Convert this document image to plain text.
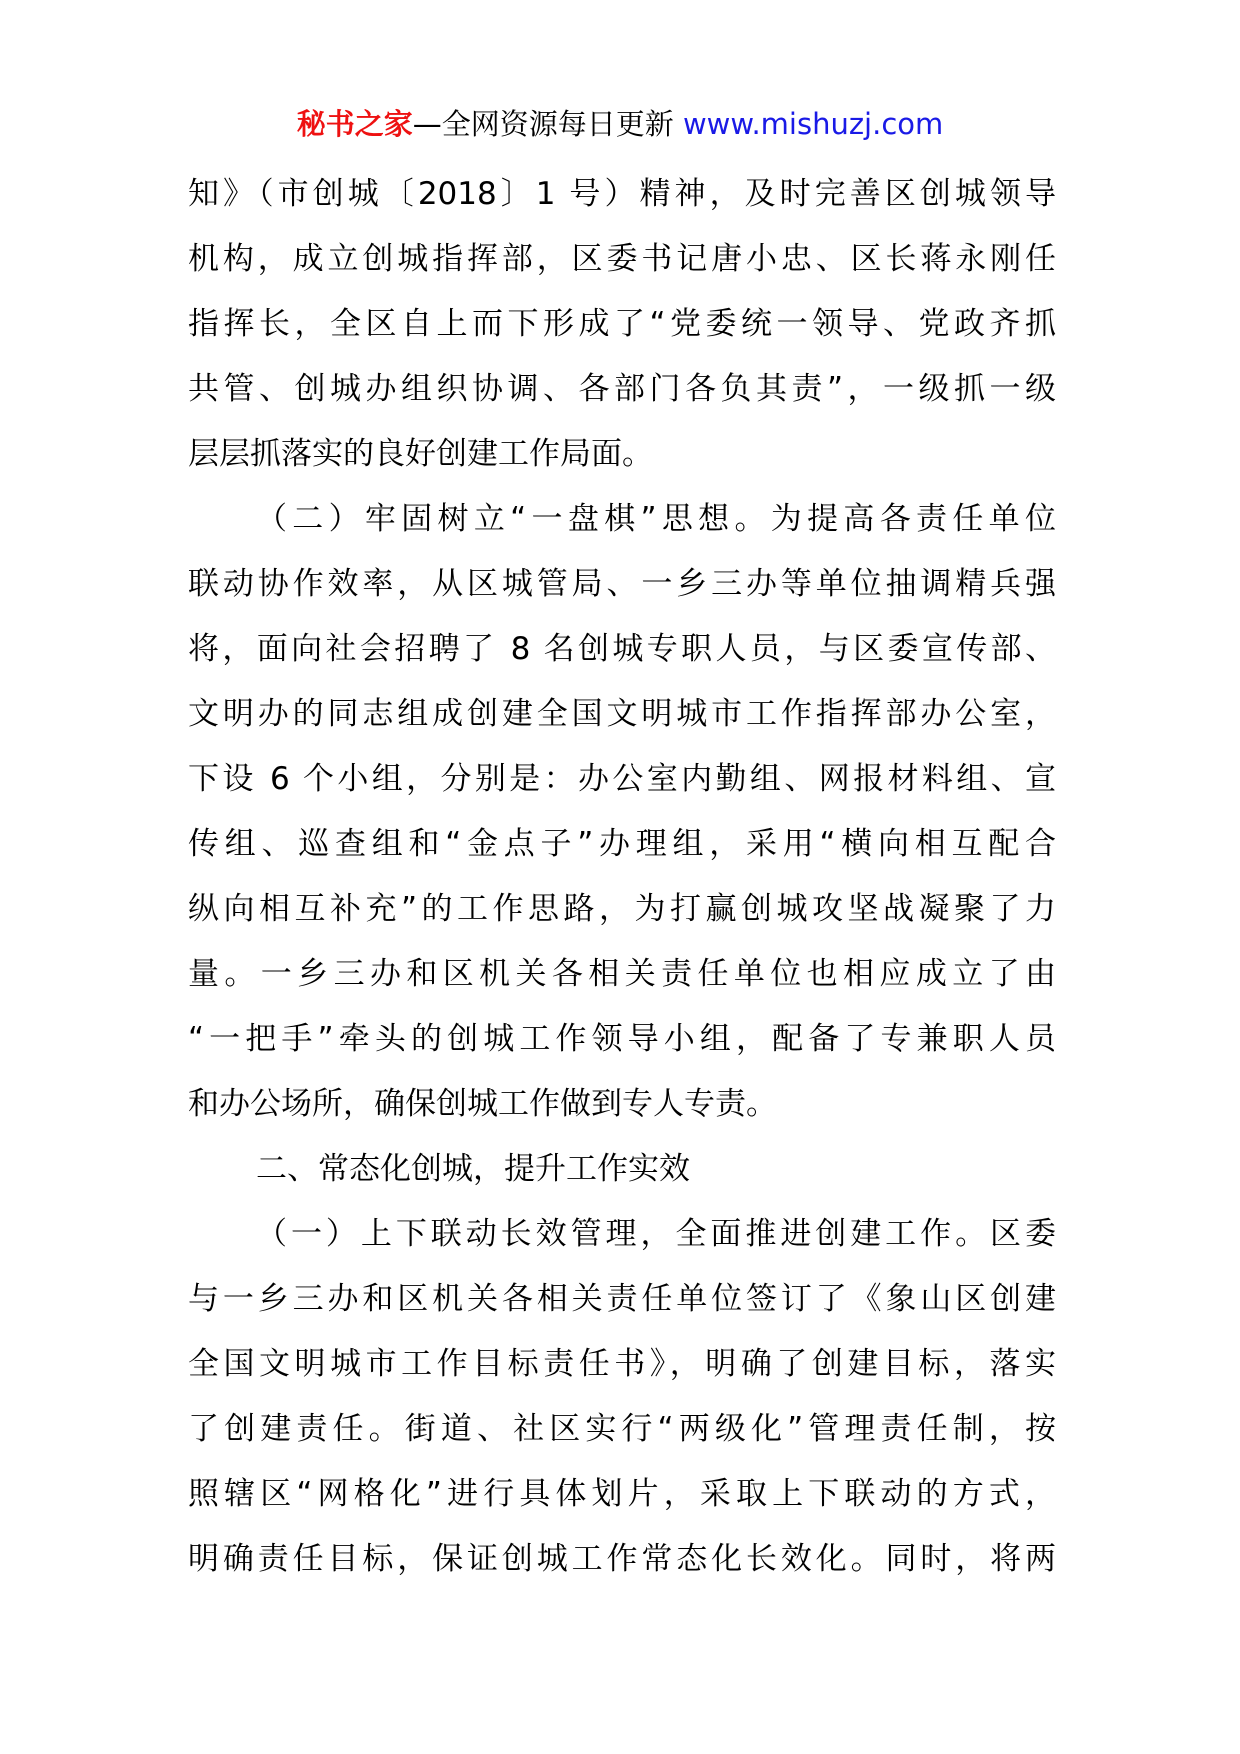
秘书之家—全网资源每日更新 www.mishuzj.com
知》（市创城〔2018〕1 号）精神，及时完善区创城领导
机构，成立创城指挥部，区委书记唐小忠、区长蒋永刚任
指挥长，全区自上而下形成了“党委统一领导、党政齐抓
共管、创城办组织协调、各部门各负其责”，一级抓一级
层层抓落实的良好创建工作局面。
（二）牢固树立“一盘棋”思想。为提高各责任单位
联动协作效率，从区城管局、一乡三办等单位抽调精兵强
将，面向社会招聘了 8 名创城专职人员，与区委宣传部、
文明办的同志组成创建全国文明城市工作指挥部办公室，
下设 6 个小组，分别是：办公室内勤组、网报材料组、宣
传组、巡查组和“金点子”办理组，采用“横向相互配合
纵向相互补充”的工作思路，为打赢创城攻坚战凝聚了力
量。一乡三办和区机关各相关责任单位也相应成立了由
“一把手”牵头的创城工作领导小组，配备了专兼职人员
和办公场所，确保创城工作做到专人专责。
二、常态化创城，提升工作实效
（一）上下联动长效管理，全面推进创建工作。区委
与一乡三办和区机关各相关责任单位签订了《象山区创建
全国文明城市工作目标责任书》，明确了创建目标，落实
了创建责任。街道、社区实行“两级化”管理责任制，按
照辖区“网格化”进行具体划片，采取上下联动的方式，
明确责任目标，保证创城工作常态化长效化。同时，将两
